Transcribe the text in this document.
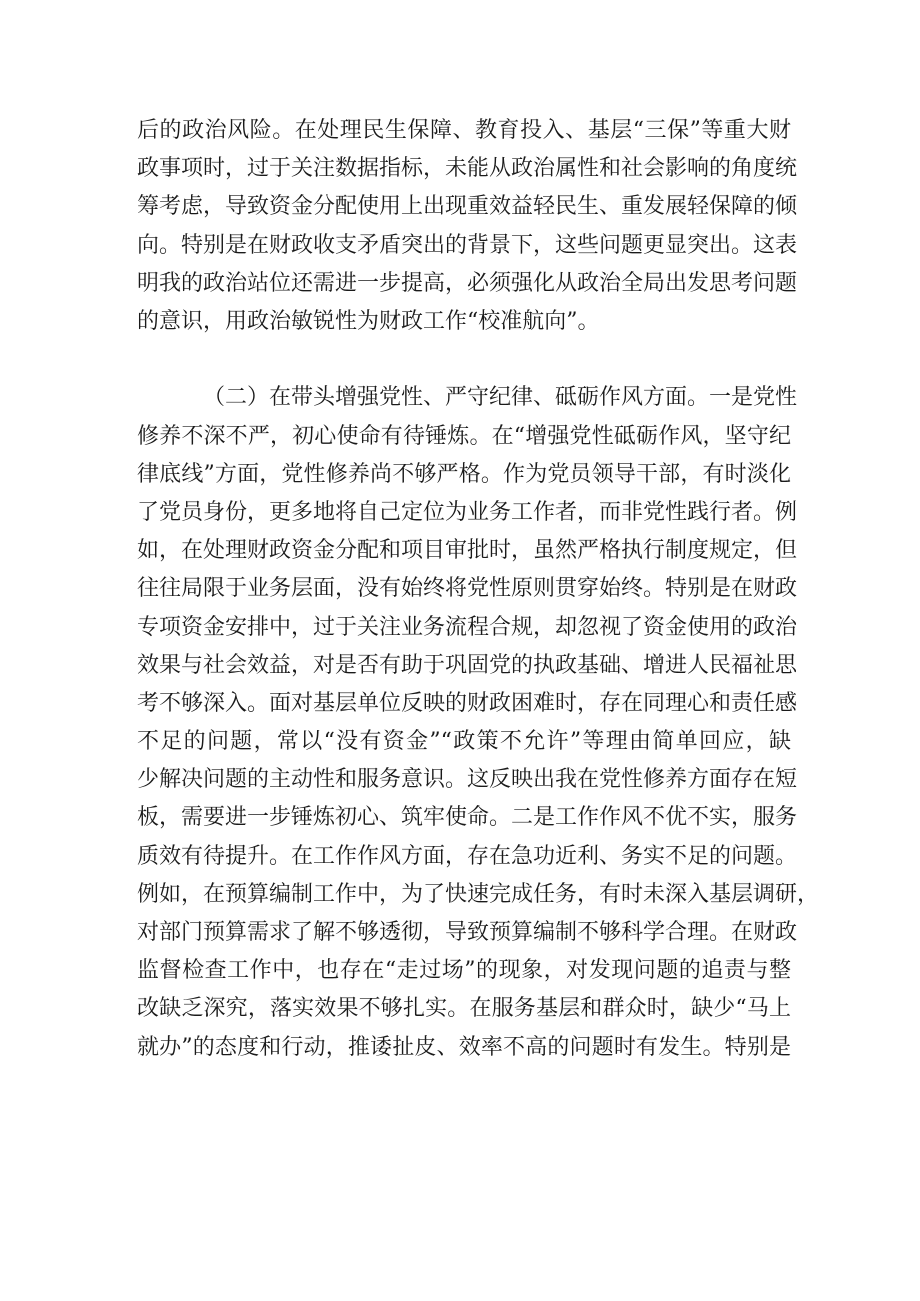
后的政治风险。在处理民生保障、教育投入、基层“三保”等重大财
政事项时，过于关注数据指标，未能从政治属性和社会影响的角度统
筹考虑，导致资金分配使用上出现重效益轻民生、重发展轻保障的倾
向。特别是在财政收支矛盾突出的背景下，这些问题更显突出。这表
明我的政治站位还需进一步提高，必须强化从政治全局出发思考问题
的意识，用政治敏锐性为财政工作“校准航向”。
（二）在带头增强党性、严守纪律、砥砺作风方面。一是党性
修养不深不严，初心使命有待锤炼。在“增强党性砥砺作风，坚守纪
律底线”方面，党性修养尚不够严格。作为党员领导干部，有时淡化
了党员身份，更多地将自己定位为业务工作者，而非党性践行者。例
如，在处理财政资金分配和项目审批时，虽然严格执行制度规定，但
往往局限于业务层面，没有始终将党性原则贯穿始终。特别是在财政
专项资金安排中，过于关注业务流程合规，却忽视了资金使用的政治
效果与社会效益，对是否有助于巩固党的执政基础、增进人民福祉思
考不够深入。面对基层单位反映的财政困难时，存在同理心和责任感
不足的问题，常以“没有资金”“政策不允许”等理由简单回应，缺
少解决问题的主动性和服务意识。这反映出我在党性修养方面存在短
板，需要进一步锤炼初心、筑牢使命。二是工作作风不优不实，服务
质效有待提升。在工作作风方面，存在急功近利、务实不足的问题。
例如，在预算编制工作中，为了快速完成任务，有时未深入基层调研，
对部门预算需求了解不够透彻，导致预算编制不够科学合理。在财政
监督检查工作中，也存在“走过场”的现象，对发现问题的追责与整
改缺乏深究，落实效果不够扎实。在服务基层和群众时，缺少“马上
就办”的态度和行动，推诿扯皮、效率不高的问题时有发生。特别是
